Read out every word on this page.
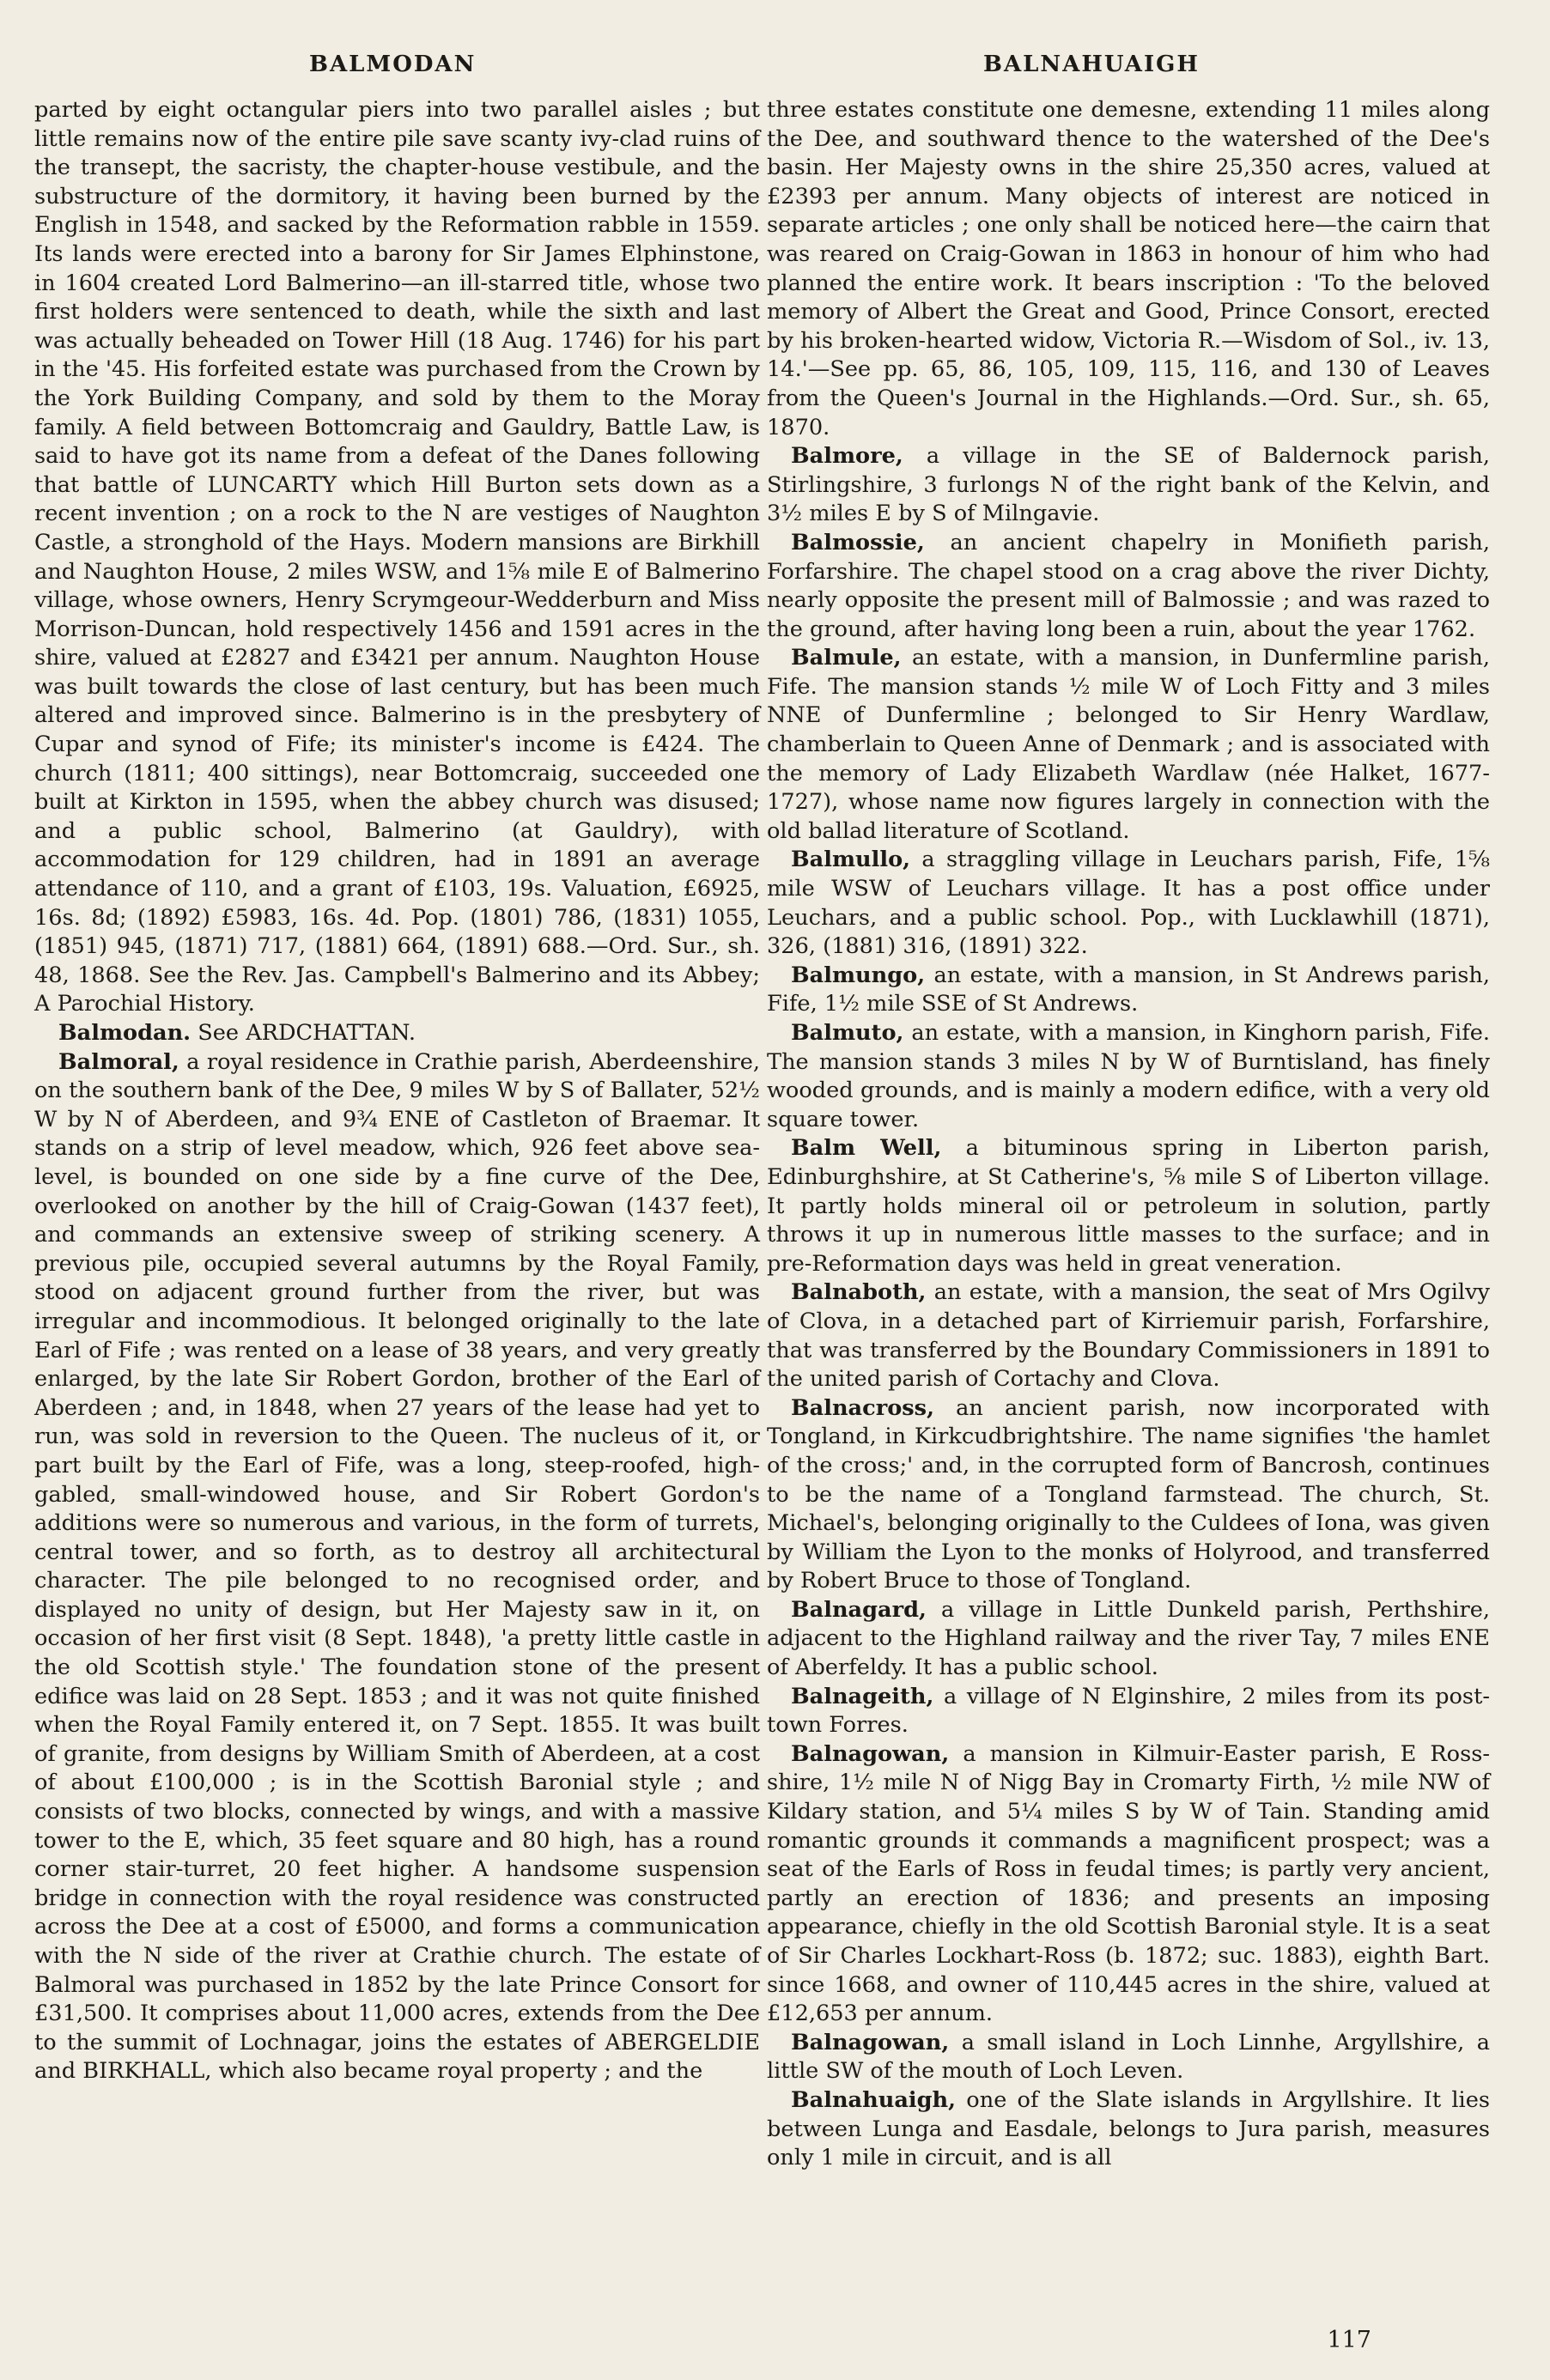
BALMODAN	BALNAHUAIGH

parted by eight octangular piers into two parallel aisles ; but little remains now of the entire pile save scanty ivy-clad ruins of the transept, the sacristy, the chapter-house vestibule, and the substructure of the dormitory, it having been burned by the English in 1548, and sacked by the Reformation rabble in 1559. Its lands were erected into a barony for Sir James Elphinstone, in 1604 created Lord Balmerino—an ill-starred title, whose two first holders were sentenced to death, while the sixth and last was actually beheaded on Tower Hill (18 Aug. 1746) for his part in the '45. His forfeited estate was purchased from the Crown by the York Building Company, and sold by them to the Moray family. A field between Bottomcraig and Gauldry, Battle Law, is said to have got its name from a defeat of the Danes following that battle of LUNCARTY which Hill Burton sets down as a recent invention ; on a rock to the N are vestiges of Naughton Castle, a stronghold of the Hays. Modern mansions are Birkhill and Naughton House, 2 miles WSW, and 1⅝ mile E of Balmerino village, whose owners, Henry Scrymgeour-Wedderburn and Miss Morrison-Duncan, hold respectively 1456 and 1591 acres in the shire, valued at £2827 and £3421 per annum. Naughton House was built towards the close of last century, but has been much altered and improved since. Balmerino is in the presbytery of Cupar and synod of Fife; its minister's income is £424. The church (1811; 400 sittings), near Bottomcraig, succeeded one built at Kirkton in 1595, when the abbey church was disused; and a public school, Balmerino (at Gauldry), with accommodation for 129 children, had in 1891 an average attendance of 110, and a grant of £103, 19s. Valuation, £6925, 16s. 8d; (1892) £5983, 16s. 4d. Pop. (1801) 786, (1831) 1055, (1851) 945, (1871) 717, (1881) 664, (1891) 688.—Ord. Sur., sh. 48, 1868. See the Rev. Jas. Campbell's Balmerino and its Abbey; A Parochial History.

Balmodan. See ARDCHATTAN.

Balmoral, a royal residence in Crathie parish, Aberdeenshire, on the southern bank of the Dee, 9 miles W by S of Ballater, 52½ W by N of Aberdeen, and 9¾ ENE of Castleton of Braemar. It stands on a strip of level meadow, which, 926 feet above sea-level, is bounded on one side by a fine curve of the Dee, overlooked on another by the hill of Craig-Gowan (1437 feet), and commands an extensive sweep of striking scenery. A previous pile, occupied several autumns by the Royal Family, stood on adjacent ground further from the river, but was irregular and incommodious. It belonged originally to the late Earl of Fife ; was rented on a lease of 38 years, and very greatly enlarged, by the late Sir Robert Gordon, brother of the Earl of Aberdeen ; and, in 1848, when 27 years of the lease had yet to run, was sold in reversion to the Queen. The nucleus of it, or part built by the Earl of Fife, was a long, steep-roofed, high-gabled, small-windowed house, and Sir Robert Gordon's additions were so numerous and various, in the form of turrets, central tower, and so forth, as to destroy all architectural character. The pile belonged to no recognised order, and displayed no unity of design, but Her Majesty saw in it, on occasion of her first visit (8 Sept. 1848), 'a pretty little castle in the old Scottish style.' The foundation stone of the present edifice was laid on 28 Sept. 1853 ; and it was not quite finished when the Royal Family entered it, on 7 Sept. 1855. It was built of granite, from designs by William Smith of Aberdeen, at a cost of about £100,000 ; is in the Scottish Baronial style ; and consists of two blocks, connected by wings, and with a massive tower to the E, which, 35 feet square and 80 high, has a round corner stair-turret, 20 feet higher. A handsome suspension bridge in connection with the royal residence was constructed across the Dee at a cost of £5000, and forms a communication with the N side of the river at Crathie church. The estate of Balmoral was purchased in 1852 by the late Prince Consort for £31,500. It comprises about 11,000 acres, extends from the Dee to the summit of Lochnagar, joins the estates of ABERGELDIE and BIRKHALL, which also became royal property ; and the

three estates constitute one demesne, extending 11 miles along the Dee, and southward thence to the watershed of the Dee's basin. Her Majesty owns in the shire 25,350 acres, valued at £2393 per annum. Many objects of interest are noticed in separate articles ; one only shall be noticed here—the cairn that was reared on Craig-Gowan in 1863 in honour of him who had planned the entire work. It bears inscription : 'To the beloved memory of Albert the Great and Good, Prince Consort, erected by his broken-hearted widow, Victoria R.—Wisdom of Sol., iv. 13, 14.'—See pp. 65, 86, 105, 109, 115, 116, and 130 of Leaves from the Queen's Journal in the Highlands.—Ord. Sur., sh. 65, 1870.

Balmore, a village in the SE of Baldernock parish, Stirlingshire, 3 furlongs N of the right bank of the Kelvin, and 3½ miles E by S of Milngavie.

Balmossie, an ancient chapelry in Monifieth parish, Forfarshire. The chapel stood on a crag above the river Dichty, nearly opposite the present mill of Balmossie ; and was razed to the ground, after having long been a ruin, about the year 1762.

Balmule, an estate, with a mansion, in Dunfermline parish, Fife. The mansion stands ½ mile W of Loch Fitty and 3 miles NNE of Dunfermline ; belonged to Sir Henry Wardlaw, chamberlain to Queen Anne of Denmark ; and is associated with the memory of Lady Elizabeth Wardlaw (née Halket, 1677-1727), whose name now figures largely in connection with the old ballad literature of Scotland.

Balmullo, a straggling village in Leuchars parish, Fife, 1⅝ mile WSW of Leuchars village. It has a post office under Leuchars, and a public school. Pop., with Lucklawhill (1871), 326, (1881) 316, (1891) 322.

Balmungo, an estate, with a mansion, in St Andrews parish, Fife, 1½ mile SSE of St Andrews.

Balmuto, an estate, with a mansion, in Kinghorn parish, Fife. The mansion stands 3 miles N by W of Burntisland, has finely wooded grounds, and is mainly a modern edifice, with a very old square tower.

Balm Well, a bituminous spring in Liberton parish, Edinburghshire, at St Catherine's, ⅝ mile S of Liberton village. It partly holds mineral oil or petroleum in solution, partly throws it up in numerous little masses to the surface; and in pre-Reformation days was held in great veneration.

Balnaboth, an estate, with a mansion, the seat of Mrs Ogilvy of Clova, in a detached part of Kirriemuir parish, Forfarshire, that was transferred by the Boundary Commissioners in 1891 to the united parish of Cortachy and Clova.

Balnacross, an ancient parish, now incorporated with Tongland, in Kirkcudbrightshire. The name signifies 'the hamlet of the cross;' and, in the corrupted form of Bancrosh, continues to be the name of a Tongland farmstead. The church, St. Michael's, belonging originally to the Culdees of Iona, was given by William the Lyon to the monks of Holyrood, and transferred by Robert Bruce to those of Tongland.

Balnagard, a village in Little Dunkeld parish, Perthshire, adjacent to the Highland railway and the river Tay, 7 miles ENE of Aberfeldy. It has a public school.

Balnageith, a village of N Elginshire, 2 miles from its post-town Forres.

Balnagowan, a mansion in Kilmuir-Easter parish, E Ross-shire, 1½ mile N of Nigg Bay in Cromarty Firth, ½ mile NW of Kildary station, and 5¼ miles S by W of Tain. Standing amid romantic grounds it commands a magnificent prospect; was a seat of the Earls of Ross in feudal times; is partly very ancient, partly an erection of 1836; and presents an imposing appearance, chiefly in the old Scottish Baronial style. It is a seat of Sir Charles Lockhart-Ross (b. 1872; suc. 1883), eighth Bart. since 1668, and owner of 110,445 acres in the shire, valued at £12,653 per annum.

Balnagowan, a small island in Loch Linnhe, Argyllshire, a little SW of the mouth of Loch Leven.

Balnahuaigh, one of the Slate islands in Argyllshire. It lies between Lunga and Easdale, belongs to Jura parish, measures only 1 mile in circuit, and is all

117
